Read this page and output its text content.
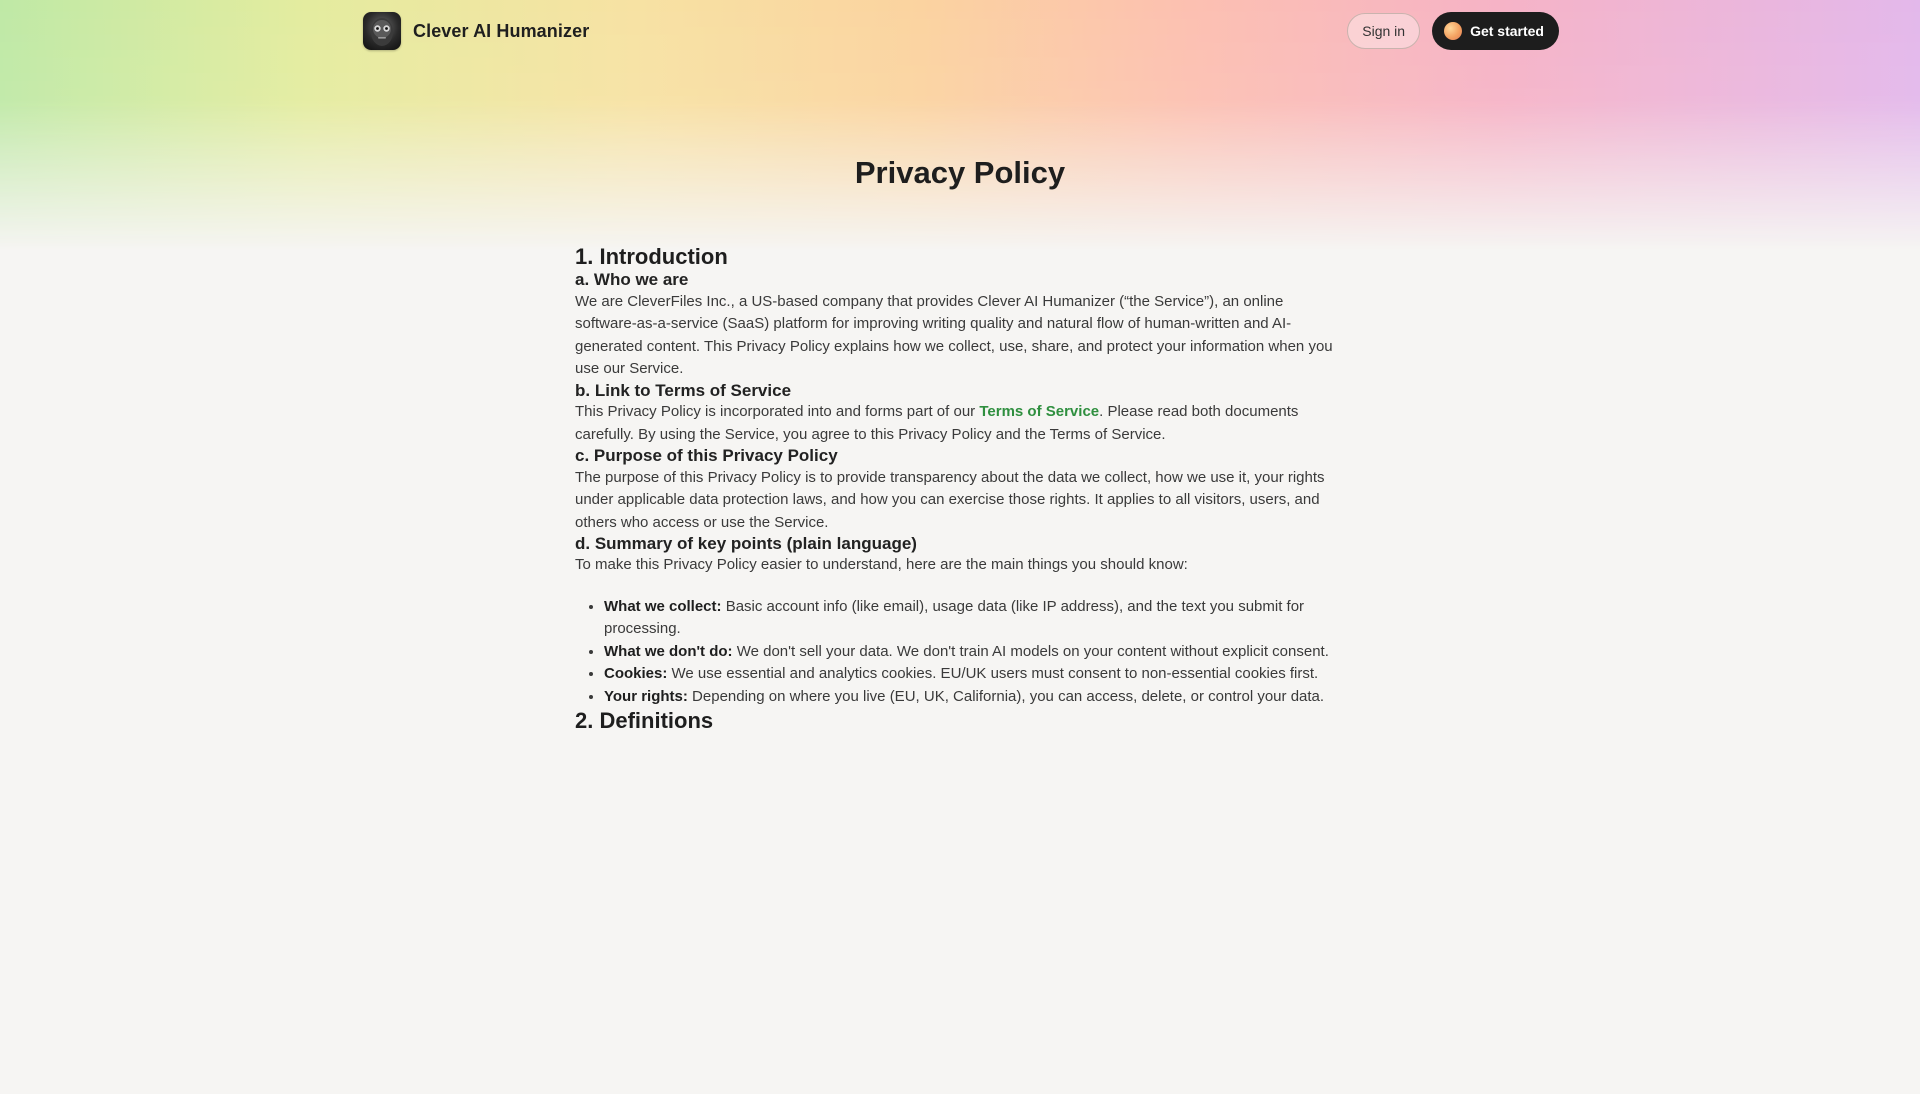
Clever AI Humanizer	Sign in	Get started
Privacy Policy
1. Introduction
a. Who we are

We are CleverFiles Inc., a US-based company that provides Clever AI Humanizer (“the Service”), an online software-as-a-service (SaaS) platform for improving writing quality and natural flow of human-written and AI-generated content. This Privacy Policy explains how we collect, use, share, and protect your information when you use our Service.

b. Link to Terms of Service

This Privacy Policy is incorporated into and forms part of our Terms of Service. Please read both documents carefully. By using the Service, you agree to this Privacy Policy and the Terms of Service.

c. Purpose of this Privacy Policy

The purpose of this Privacy Policy is to provide transparency about the data we collect, how we use it, your rights under applicable data protection laws, and how you can exercise those rights. It applies to all visitors, users, and others who access or use the Service.

d. Summary of key points (plain language)

To make this Privacy Policy easier to understand, here are the main things you should know:

• What we collect: Basic account info (like email), usage data (like IP address), and the text you submit for processing.
• What we don't do: We don't sell your data. We don't train AI models on your content without explicit consent.
• Cookies: We use essential and analytics cookies. EU/UK users must consent to non-essential cookies first.
• Your rights: Depending on where you live (EU, UK, California), you can access, delete, or control your data.
2. Definitions
